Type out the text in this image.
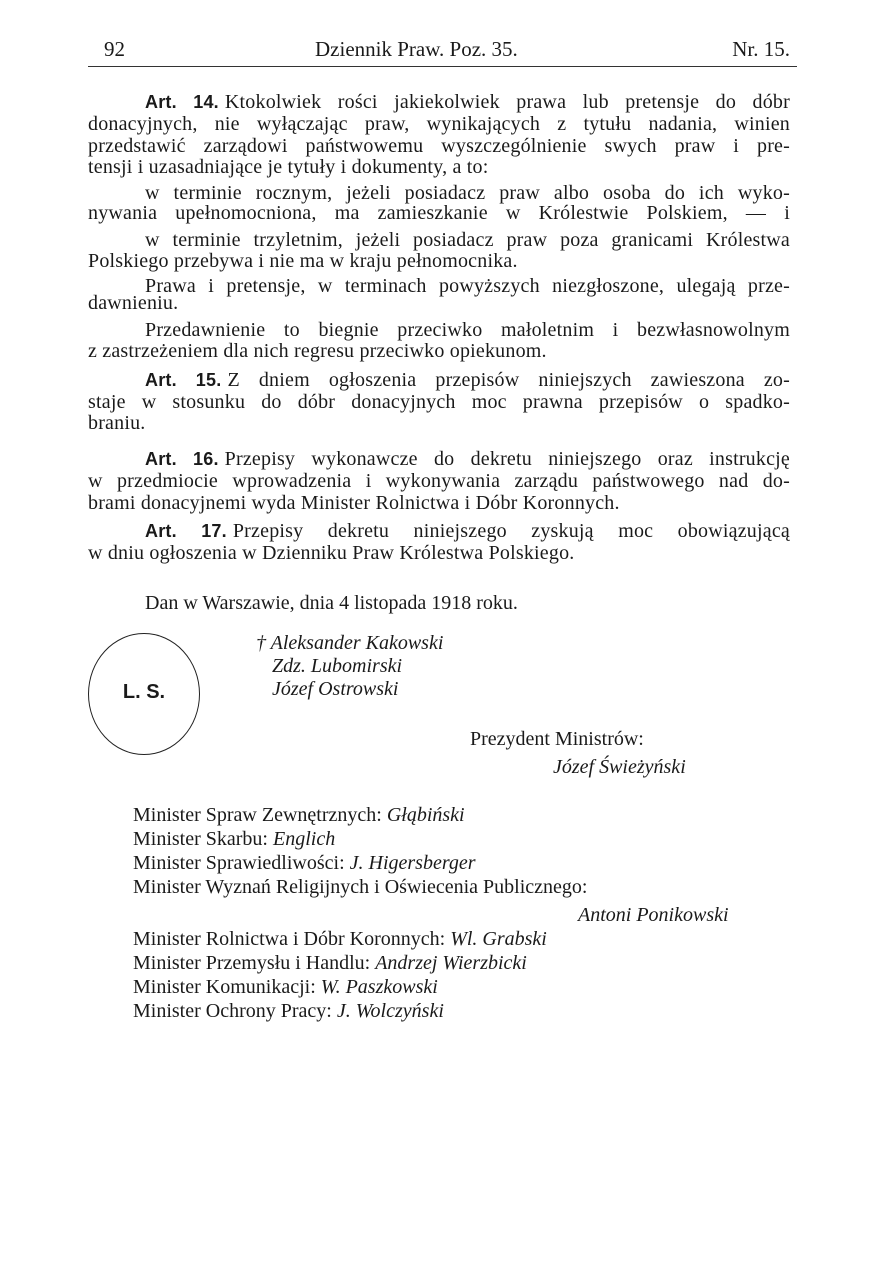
92	Dziennik Praw. Poz. 35.	Nr. 15.
Art. 14. Ktokolwiek rości jakiekolwiek prawa lub pretensje do dóbr
donacyjnych, nie wyłączając praw, wynikających z tytułu nadania, winien
przedstawić zarządowi państwowemu wyszczególnienie swych praw i pre-
tensji i uzasadniające je tytuły i dokumenty, a to:
w terminie rocznym, jeżeli posiadacz praw albo osoba do ich wyko-
nywania upełnomocniona, ma zamieszkanie w Królestwie Polskiem, — i
w terminie trzyletnim, jeżeli posiadacz praw poza granicami Królestwa
Polskiego przebywa i nie ma w kraju pełnomocnika.
Prawa i pretensje, w terminach powyższych niezgłoszone, ulegają prze-
dawnieniu.
Przedawnienie to biegnie przeciwko małoletnim i bezwłasnowolnym
z zastrzeżeniem dla nich regresu przeciwko opiekunom.
Art. 15. Z dniem ogłoszenia przepisów niniejszych zawieszona zo-
staje w stosunku do dóbr donacyjnych moc prawna przepisów o spadko-
braniu.
Art. 16. Przepisy wykonawcze do dekretu niniejszego oraz instrukcję
w przedmiocie wprowadzenia i wykonywania zarządu państwowego nad do-
brami donacyjnemi wyda Minister Rolnictwa i Dóbr Koronnych.
Art. 17. Przepisy dekretu niniejszego zyskują moc obowiązującą
w dniu ogłoszenia w Dzienniku Praw Królestwa Polskiego.
Dan w Warszawie, dnia 4 listopada 1918 roku.
L. S.
† Aleksander Kakowski
Zdz. Lubomirski
Józef Ostrowski
Prezydent Ministrów:
Józef Świeżyński
Minister Spraw Zewnętrznych: Głąbiński
Minister Skarbu: Englich
Minister Sprawiedliwości: J. Higersberger
Minister Wyznań Religijnych i Oświecenia Publicznego:
Antoni Ponikowski
Minister Rolnictwa i Dóbr Koronnych: Wl. Grabski
Minister Przemysłu i Handlu: Andrzej Wierzbicki
Minister Komunikacji: W. Paszkowski
Minister Ochrony Pracy: J. Wolczyński
